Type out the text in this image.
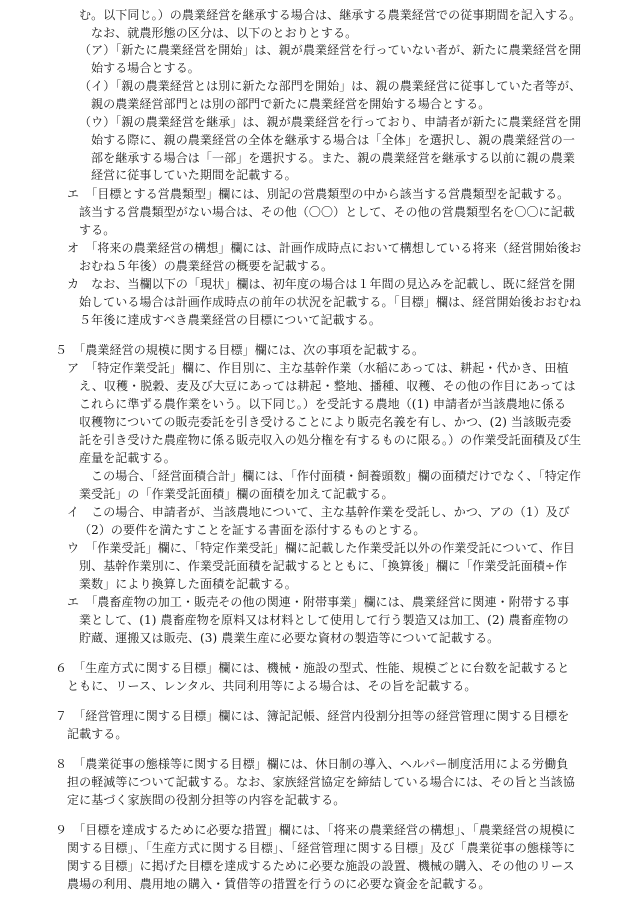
む。以下同じ。）の農業経営を継承する場合は、継承する農業経営での従事期間を記入する。
なお、就農形態の区分は、以下のとおりとする。
（ア）「新たに農業経営を開始」は、親が農業経営を行っていない者が、新たに農業経営を開
始する場合とする。
（イ）「親の農業経営とは別に新たな部門を開始」は、親の農業経営に従事していた者等が、
親の農業経営部門とは別の部門で新たに農業経営を開始する場合とする。
（ウ）「親の農業経営を継承」は、親が農業経営を行っており、申請者が新たに農業経営を開
始する際に、親の農業経営の全体を継承する場合は「全体」を選択し、親の農業経営の一
部を継承する場合は「一部」を選択する。また、親の農業経営を継承する以前に親の農業
経営に従事していた期間を記載する。
エ　「目標とする営農類型」欄には、別記の営農類型の中から該当する営農類型を記載する。
該当する営農類型がない場合は、その他（〇〇）として、その他の営農類型名を〇〇に記載
する。
オ　「将来の農業経営の構想」欄には、計画作成時点において構想している将来（経営開始後お
おむね５年後）の農業経営の概要を記載する。
カ　なお、当欄以下の「現状」欄は、初年度の場合は１年間の見込みを記載し、既に経営を開
始している場合は計画作成時点の前年の状況を記載する。「目標」欄は、経営開始後おおむね
５年後に達成すべき農業経営の目標について記載する。
５　「農業経営の規模に関する目標」欄には、次の事項を記載する。
ア　「特定作業受託」欄に、作目別に、主な基幹作業（水稲にあっては、耕起・代かき、田植
え、収穫・脱穀、麦及び大豆にあっては耕起・整地、播種、収穫、その他の作目にあっては
これらに準ずる農作業をいう。以下同じ。）を受託する農地（(1) 申請者が当該農地に係る
収穫物についての販売委託を引き受けることにより販売名義を有し、かつ、(2) 当該販売委
託を引き受けた農産物に係る販売収入の処分権を有するものに限る。）の作業受託面積及び生
産量を記載する。
この場合、「経営面積合計」欄には、「作付面積・飼養頭数」欄の面積だけでなく、「特定作
業受託」の「作業受託面積」欄の面積を加えて記載する。
イ　この場合、申請者が、当該農地について、主な基幹作業を受託し、かつ、アの（1）及び
（2）の要件を満たすことを証する書面を添付するものとする。
ウ　「作業受託」欄に、「特定作業受託」欄に記載した作業受託以外の作業受託について、作目
別、基幹作業別に、作業受託面積を記載するとともに、「換算後」欄に「作業受託面積÷作
業数」により換算した面積を記載する。
エ　「農畜産物の加工・販売その他の関連・附帯事業」欄には、農業経営に関連・附帯する事
業として、(1) 農畜産物を原料又は材料として使用して行う製造又は加工、(2) 農畜産物の
貯蔵、運搬又は販売、(3) 農業生産に必要な資材の製造等について記載する。
６　「生産方式に関する目標」欄には、機械・施設の型式、性能、規模ごとに台数を記載すると
ともに、リース、レンタル、共同利用等による場合は、その旨を記載する。
７　「経営管理に関する目標」欄には、簿記記帳、経営内役割分担等の経営管理に関する目標を
記載する。
８　「農業従事の態様等に関する目標」欄には、休日制の導入、ヘルパー制度活用による労働負
担の軽減等について記載する。なお、家族経営協定を締結している場合には、その旨と当該協
定に基づく家族間の役割分担等の内容を記載する。
９　「目標を達成するために必要な措置」欄には、「将来の農業経営の構想」、「農業経営の規模に
関する目標」、「生産方式に関する目標」、「経営管理に関する目標」及び「農業従事の態様等に
関する目標」に掲げた目標を達成するために必要な施設の設置、機械の購入、その他のリース
農場の利用、農用地の購入・賃借等の措置を行うのに必要な資金を記載する。
